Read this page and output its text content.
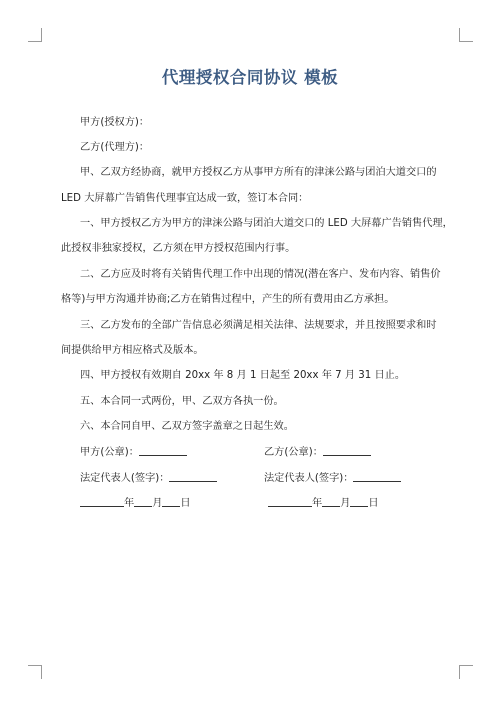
代理授权合同协议 模板
甲方(授权方)：
乙方(代理方)：
甲、乙双方经协商，就甲方授权乙方从事甲方所有的津涞公路与团泊大道交口的
LED 大屏幕广告销售代理事宜达成一致，签订本合同：
一、甲方授权乙方为甲方的津涞公路与团泊大道交口的 LED 大屏幕广告销售代理，
此授权非独家授权，乙方须在甲方授权范围内行事。
二、乙方应及时将有关销售代理工作中出现的情况(潜在客户、发布内容、销售价
格等)与甲方沟通并协商;乙方在销售过程中，产生的所有费用由乙方承担。
三、乙方发布的全部广告信息必须满足相关法律、法规要求，并且按照要求和时
间提供给甲方相应格式及版本。
四、甲方授权有效期自 20xx 年 8 月 1 日起至 20xx 年 7 月 31 日止。
五、本合同一式两份，甲、乙双方各执一份。
六、本合同自甲、乙双方签字盖章之日起生效。
甲方(公章)：	乙方(公章)：
法定代表人(签字)：	法定代表人(签字)：
年 月 日	年 月 日
